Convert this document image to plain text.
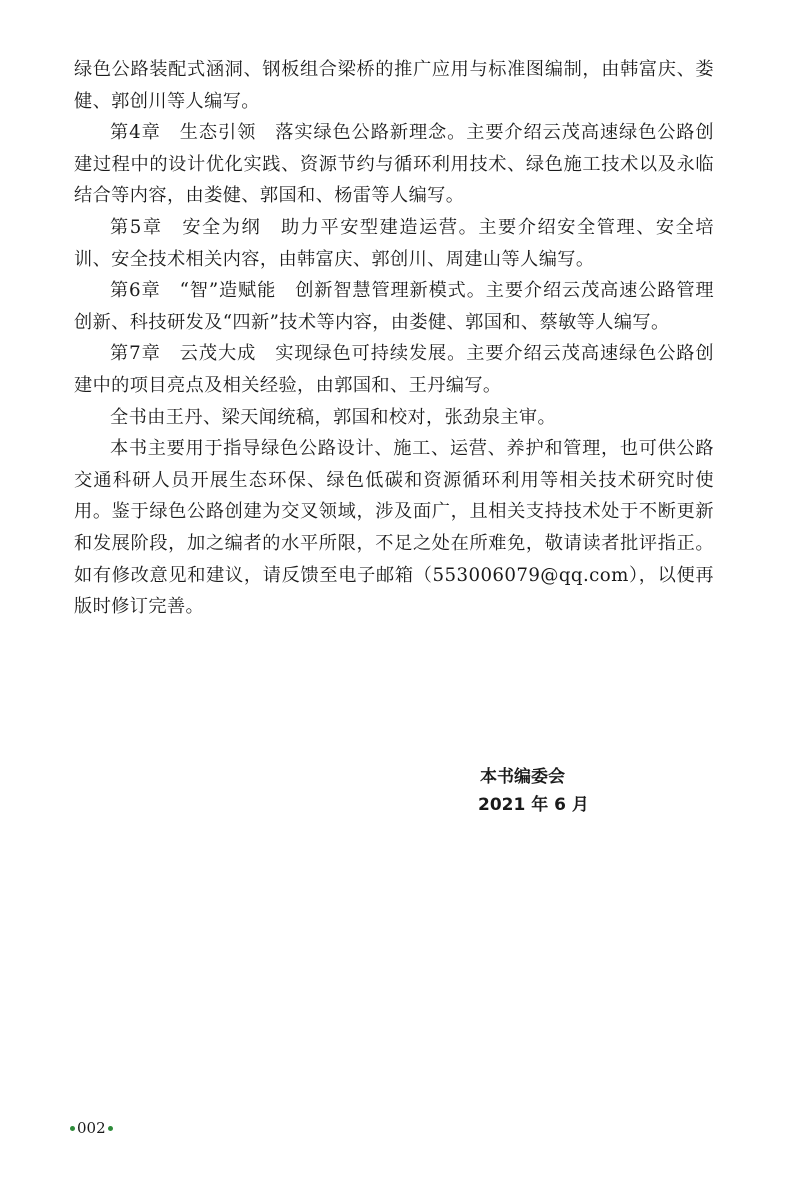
绿色公路装配式涵洞、钢板组合梁桥的推广应用与标准图编制，由韩富庆、娄健、郭创川等人编写。

第4章　生态引领　落实绿色公路新理念。主要介绍云茂高速绿色公路创建过程中的设计优化实践、资源节约与循环利用技术、绿色施工技术以及永临结合等内容，由娄健、郭国和、杨雷等人编写。

第5章　安全为纲　助力平安型建造运营。主要介绍安全管理、安全培训、安全技术相关内容，由韩富庆、郭创川、周建山等人编写。

第6章　“智”造赋能　创新智慧管理新模式。主要介绍云茂高速公路管理创新、科技研发及“四新”技术等内容，由娄健、郭国和、蔡敏等人编写。

第7章　云茂大成　实现绿色可持续发展。主要介绍云茂高速绿色公路创建中的项目亮点及相关经验，由郭国和、王丹编写。

全书由王丹、梁天闻统稿，郭国和校对，张劲泉主审。

本书主要用于指导绿色公路设计、施工、运营、养护和管理，也可供公路交通科研人员开展生态环保、绿色低碳和资源循环利用等相关技术研究时使用。鉴于绿色公路创建为交叉领域，涉及面广，且相关支持技术处于不断更新和发展阶段，加之编者的水平所限，不足之处在所难免，敬请读者批评指正。如有修改意见和建议，请反馈至电子邮箱（553006079@qq.com），以便再版时修订完善。

本书编委会
2021 年 6 月
002
